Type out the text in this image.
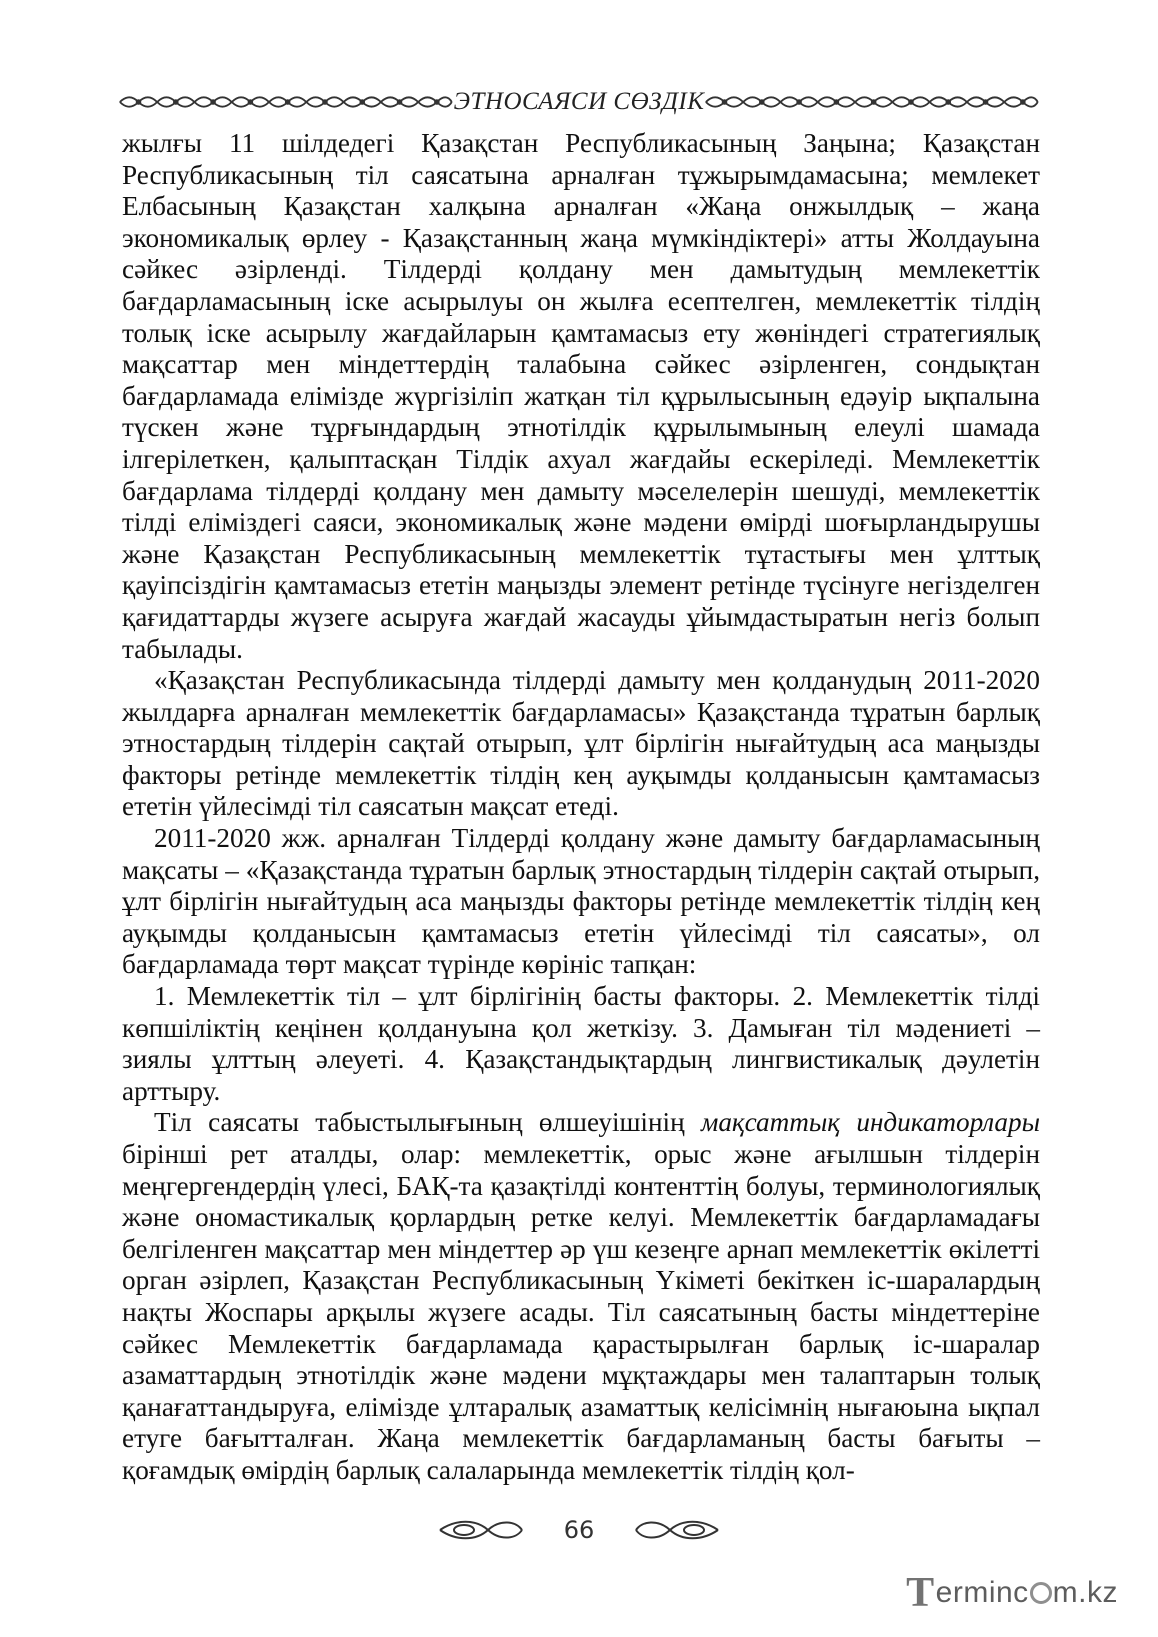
ЭТНОСАЯСИ СӨЗДІК

жылғы 11 шілдедегі Қазақстан Республикасының Заңына; Қазақстан Республикасының тіл саясатына арналған тұжырымдамасына; мемлекет Елбасының Қазақстан халқына арналған «Жаңа онжылдық – жаңа экономикалық өрлеу - Қазақстанның жаңа мүмкіндіктері» атты Жолдауына сәйкес әзірленді. Тілдерді қолдану мен дамытудың мемлекеттік бағдарламасының іске асырылуы он жылға есептелген, мемлекеттік тілдің толық іске асырылу жағдайларын қамтамасыз ету жөніндегі стратегиялық мақсаттар мен міндеттердің талабына сәйкес әзірленген, сондықтан бағдарламада елімізде жүргізіліп жатқан тіл құрылысының едәуір ықпалына түскен және тұрғындардың этнотілдік құрылымының елеулі шамада ілгерілеткен, қалыптасқан Тілдік ахуал жағдайы ескеріледі. Мемлекеттік бағдарлама тілдерді қолдану мен дамыту мәселелерін шешуді, мемлекеттік тілді еліміздегі саяси, экономикалық және мәдени өмірді шоғырландырушы және Қазақстан Республикасының мемлекеттік тұтастығы мен ұлттық қауіпсіздігін қамтамасыз ететін маңызды элемент ретінде түсінуге негізделген қағидаттарды жүзеге асыруға жағдай жасауды ұйымдастыратын негіз болып табылады.

«Қазақстан Республикасында тілдерді дамыту мен қолданудың 2011-2020 жылдарға арналған мемлекеттік бағдарламасы» Қазақстанда тұратын барлық этностардың тілдерін сақтай отырып, ұлт бірлігін нығайтудың аса маңызды факторы ретінде мемлекеттік тілдің кең ауқымды қолданысын қамтамасыз ететін үйлесімді тіл саясатын мақсат етеді.

2011-2020 жж. арналған Тілдерді қолдану және дамыту бағдарламасының мақсаты – «Қазақстанда тұратын барлық этностардың тілдерін сақтай отырып, ұлт бірлігін нығайтудың аса маңызды факторы ретінде мемлекеттік тілдің кең ауқымды қолданысын қамтамасыз ететін үйлесімді тіл саясаты», ол бағдарламада төрт мақсат түрінде көрініс тапқан:

1. Мемлекеттік тіл – ұлт бірлігінің басты факторы. 2. Мемлекеттік тілді көпшіліктің кеңінен қолдануына қол жеткізу. 3. Дамыған тіл мәдениеті – зиялы ұлттың әлеуеті. 4. Қазақстандықтардың лингвистикалық дәулетін арттыру.

Тіл саясаты табыстылығының өлшеуішінің мақсаттық индикаторлары бірінші рет аталды, олар: мемлекеттік, орыс және ағылшын тілдерін меңгергендердің үлесі, БАҚ-та қазақтілді контенттің болуы, терминологиялық және ономастикалық қорлардың ретке келуі. Мемлекеттік бағдарламадағы белгіленген мақсаттар мен міндеттер әр үш кезеңге арнап мемлекеттік өкілетті орган әзірлеп, Қазақстан Республикасының Үкіметі бекіткен іс-шаралардың нақты Жоспары арқылы жүзеге асады. Тіл саясатының басты міндеттеріне сәйкес Мемлекеттік бағдарламада қарастырылған барлық іс-шаралар азаматтардың этнотілдік және мәдени мұқтаждары мен талаптарын толық қанағаттандыруға, елімізде ұлтаралық азаматтық келісімнің нығаюына ықпал етуге бағытталған. Жаңа мемлекеттік бағдарламаның басты бағыты – қоғамдық өмірдің барлық салаларында мемлекеттік тілдің қол-

66
T ermin c m.kz
